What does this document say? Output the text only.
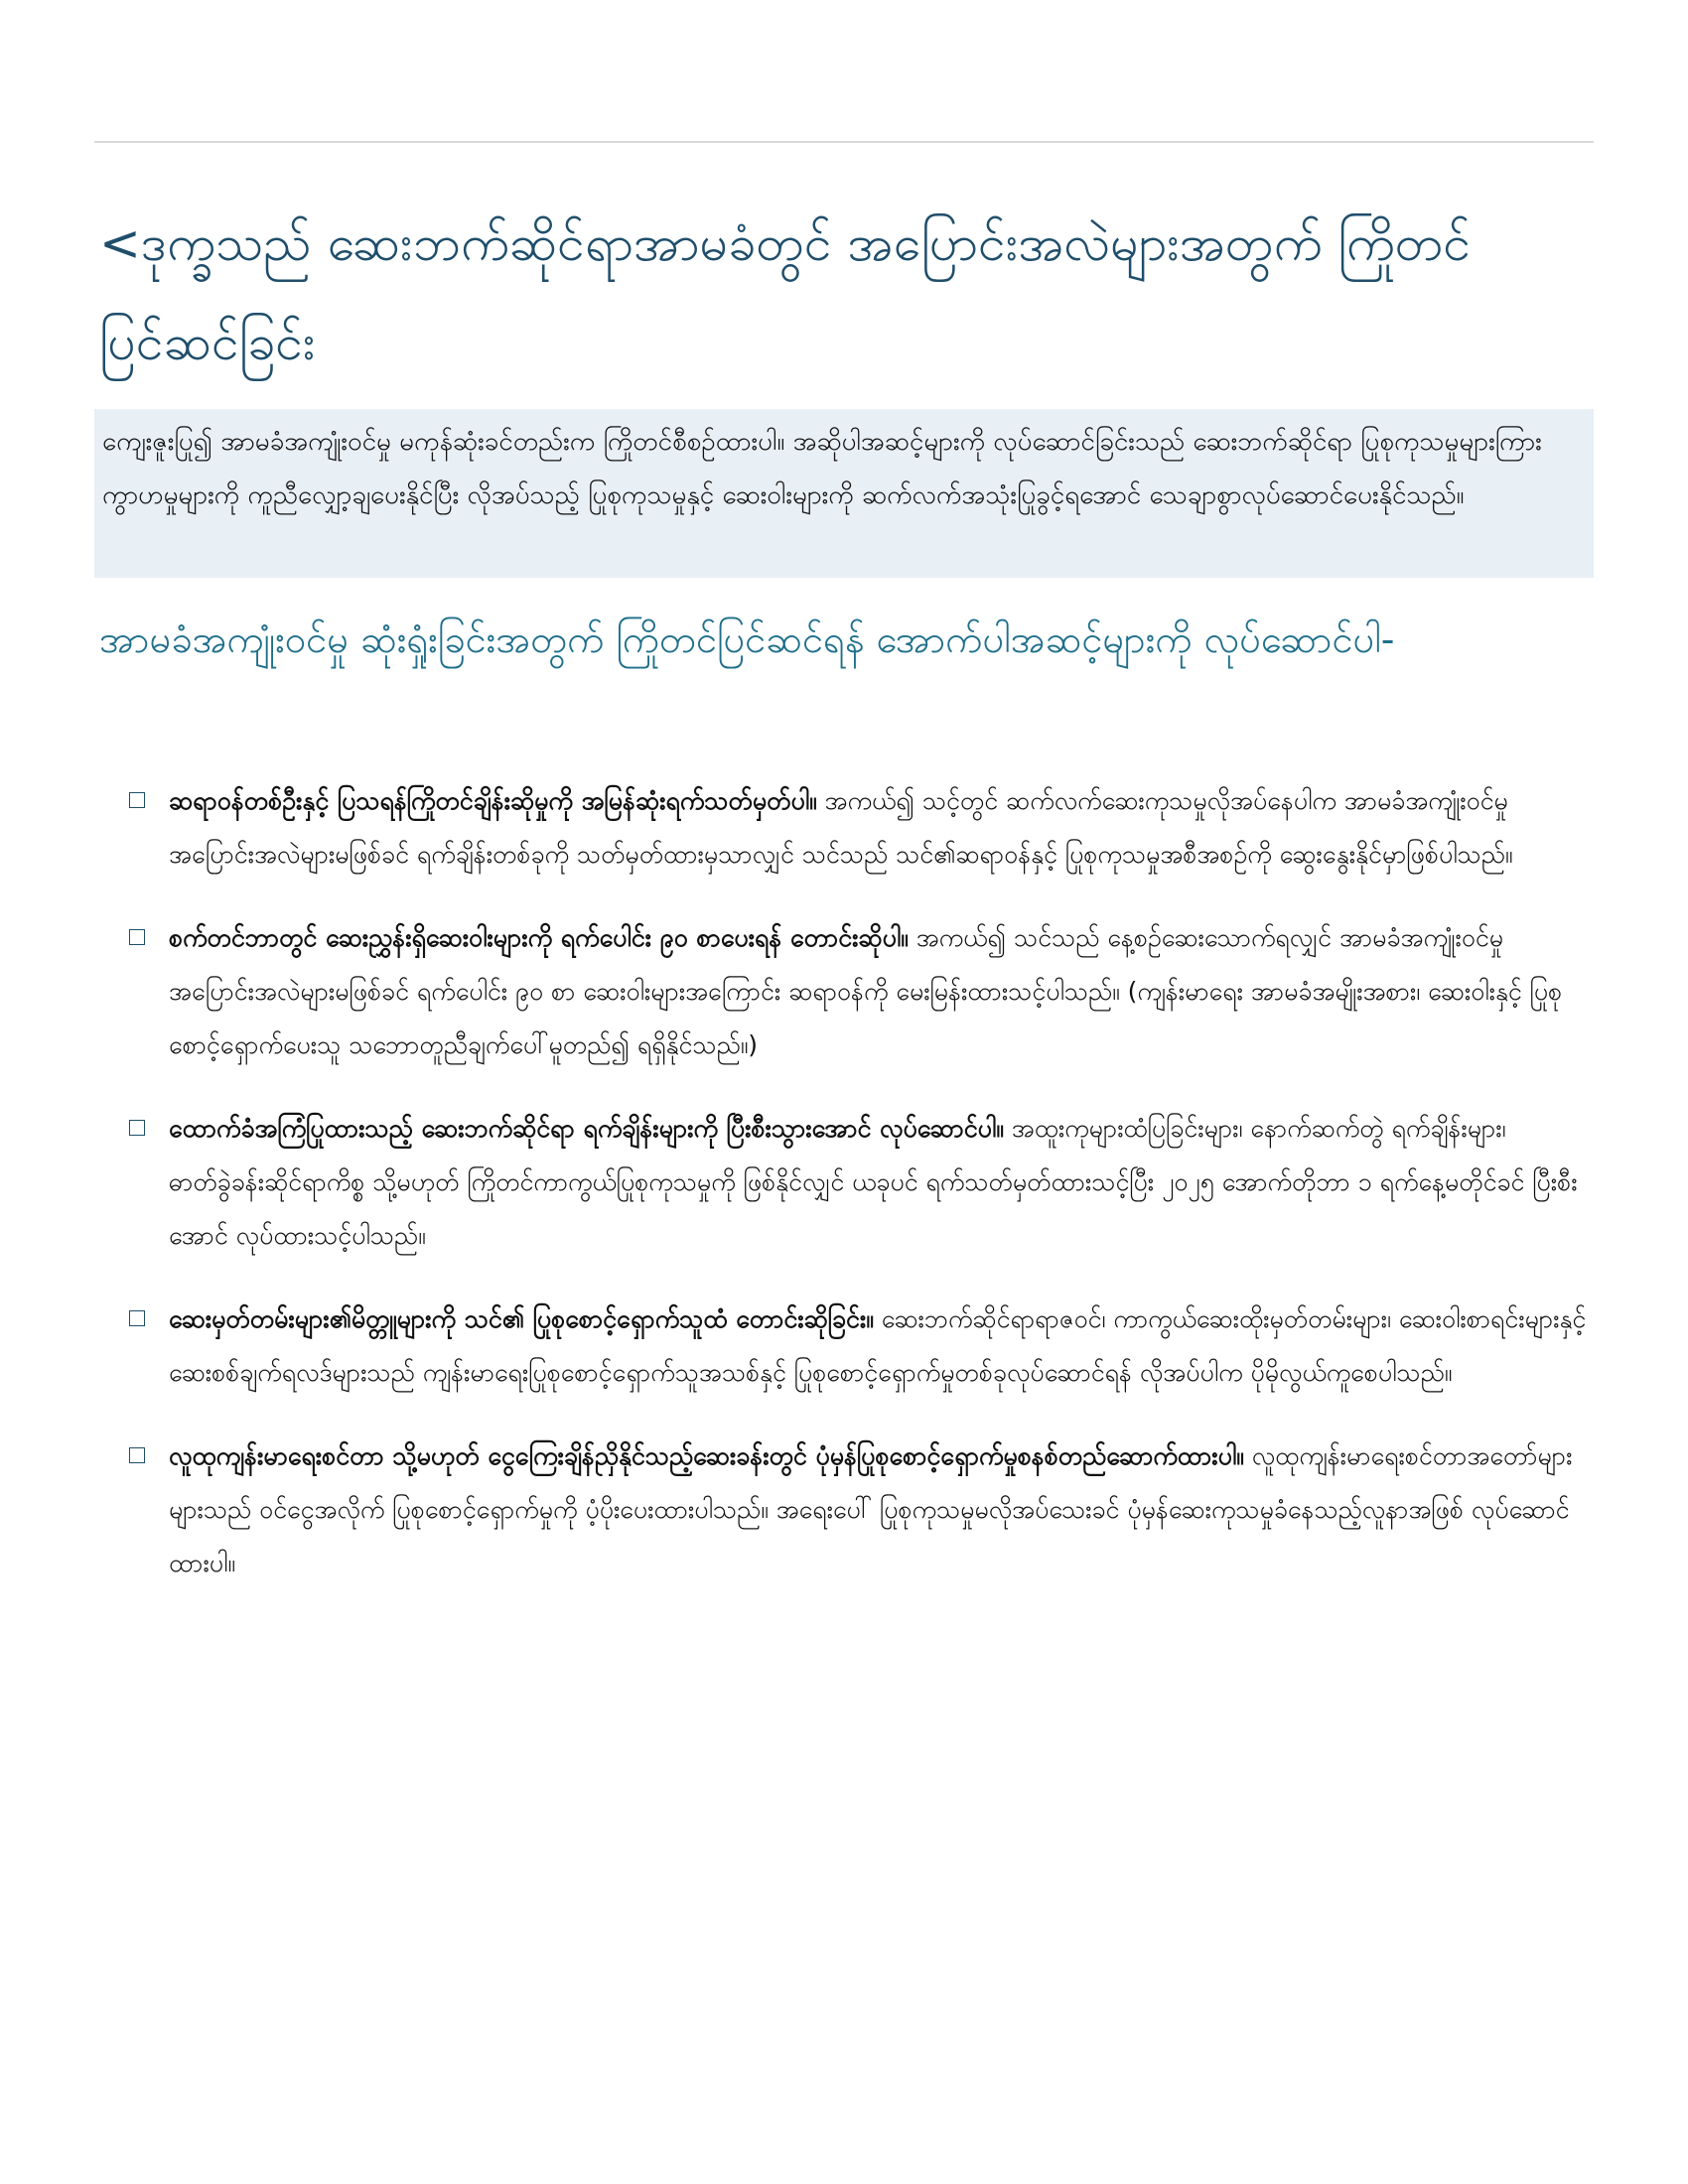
<ဒုက္ခသည် ဆေးဘက်ဆိုင်ရာအာမခံတွင် အပြောင်းအလဲများအတွက် ကြိုတင်ပြင်ဆင်ခြင်း
ကျေးဇူးပြု၍ အာမခံအကျုံးဝင်မှု မကုန်ဆုံးခင်တည်းက ကြိုတင်စီစဉ်ထားပါ။ အဆိုပါအဆင့်များကို လုပ်ဆောင်ခြင်းသည် ဆေးဘက်ဆိုင်ရာ ပြုစုကုသမှုများကြား ကွာဟမှုများကို ကူညီလျှော့ချပေးနိုင်ပြီး လိုအပ်သည့် ပြုစုကုသမှုနှင့် ဆေးဝါးများကို ဆက်လက်အသုံးပြုခွင့်ရအောင် သေချာစွာလုပ်ဆောင်ပေးနိုင်သည်။
အာမခံအကျုံးဝင်မှု ဆုံးရှုံးခြင်းအတွက် ကြိုတင်ပြင်ဆင်ရန် အောက်ပါအဆင့်များကို လုပ်ဆောင်ပါ-
ဆရာဝန်တစ်ဦးနှင့် ပြသရန်ကြိုတင်ချိန်းဆိုမှုကို အမြန်ဆုံးရက်သတ်မှတ်ပါ။ အကယ်၍ သင့်တွင် ဆက်လက်ဆေးကုသမှုလိုအပ်နေပါက အာမခံအကျုံးဝင်မှုအပြောင်းအလဲများမဖြစ်ခင် ရက်ချိန်းတစ်ခုကို သတ်မှတ်ထားမှသာလျှင် သင်သည် သင်၏ဆရာဝန်နှင့် ပြုစုကုသမှုအစီအစဉ်ကို ဆွေးနွေးနိုင်မှာဖြစ်ပါသည်။
စက်တင်ဘာတွင် ဆေးညွှန်းရှိဆေးဝါးများကို ရက်ပေါင်း ၉၀ စာပေးရန် တောင်းဆိုပါ။ အကယ်၍ သင်သည် နေ့စဉ်ဆေးသောက်ရလျှင် အာမခံအကျုံးဝင်မှု အပြောင်းအလဲများမဖြစ်ခင် ရက်ပေါင်း ၉၀ စာ ဆေးဝါးများအကြောင်း ဆရာဝန်ကို မေးမြန်းထားသင့်ပါသည်။ (ကျန်းမာရေး အာမခံအမျိုးအစား၊ ဆေးဝါးနှင့် ပြုစုစောင့်ရှောက်ပေးသူ သဘောတူညီချက်ပေါ်မူတည်၍ ရရှိနိုင်သည်။)
ထောက်ခံအကြံပြုထားသည့် ဆေးဘက်ဆိုင်ရာ ရက်ချိန်းများကို ပြီးစီးသွားအောင် လုပ်ဆောင်ပါ။ အထူးကုများထံပြခြင်းများ၊ နောက်ဆက်တွဲ ရက်ချိန်းများ၊ ဓာတ်ခွဲခန်းဆိုင်ရာကိစ္စ သို့မဟုတ် ကြိုတင်ကာကွယ်ပြုစုကုသမှုကို ဖြစ်နိုင်လျှင် ယခုပင် ရက်သတ်မှတ်ထားသင့်ပြီး ၂၀၂၅ အောက်တိုဘာ ၁ ရက်နေ့မတိုင်ခင် ပြီးစီးအောင် လုပ်ထားသင့်ပါသည်။
ဆေးမှတ်တမ်းများ၏မိတ္တူများကို သင်၏ ပြုစုစောင့်ရှောက်သူထံ တောင်းဆိုခြင်း။ ဆေးဘက်ဆိုင်ရာရာဇဝင်၊ ကာကွယ်ဆေးထိုးမှတ်တမ်းများ၊ ဆေးဝါးစာရင်းများနှင့် ဆေးစစ်ချက်ရလဒ်များသည် ကျန်းမာရေးပြုစုစောင့်ရှောက်သူအသစ်နှင့် ပြုစုစောင့်ရှောက်မှုတစ်ခုလုပ်ဆောင်ရန် လိုအပ်ပါက ပိုမိုလွယ်ကူစေပါသည်။
လူထုကျန်းမာရေးစင်တာ သို့မဟုတ် ငွေကြေးချိန်ညှိနိုင်သည့်ဆေးခန်းတွင် ပုံမှန်ပြုစုစောင့်ရှောက်မှုစနစ်တည်ဆောက်ထားပါ။ လူထုကျန်းမာရေးစင်တာအတော်များများသည် ဝင်ငွေအလိုက် ပြုစုစောင့်ရှောက်မှုကို ပံ့ပိုးပေးထားပါသည်။ အရေးပေါ် ပြုစုကုသမှုမလိုအပ်သေးခင် ပုံမှန်ဆေးကုသမှုခံနေသည့်လူနာအဖြစ် လုပ်ဆောင်ထားပါ။
